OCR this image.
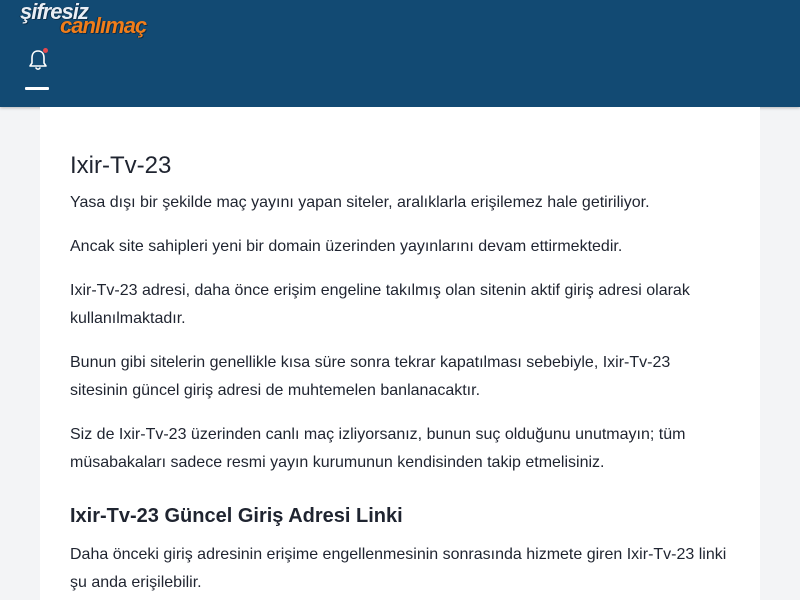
şifresiz
canlımaç
Ixir-Tv-23

Yasa dışı bir şekilde maç yayını yapan siteler, aralıklarla erişilemez hale getiriliyor.

Ancak site sahipleri yeni bir domain üzerinden yayınlarını devam ettirmektedir.

Ixir-Tv-23 adresi, daha önce erişim engeline takılmış olan sitenin aktif giriş adresi olarak kullanılmaktadır.

Bunun gibi sitelerin genellikle kısa süre sonra tekrar kapatılması sebebiyle, Ixir-Tv-23 sitesinin güncel giriş adresi de muhtemelen banlanacaktır.

Siz de Ixir-Tv-23 üzerinden canlı maç izliyorsanız, bunun suç olduğunu unutmayın; tüm müsabakaları sadece resmi yayın kurumunun kendisinden takip etmelisiniz.

Ixir-Tv-23 Güncel Giriş Adresi Linki

Daha önceki giriş adresinin erişime engellenmesinin sonrasında hizmete giren Ixir-Tv-23 linki şu anda erişilebilir.
